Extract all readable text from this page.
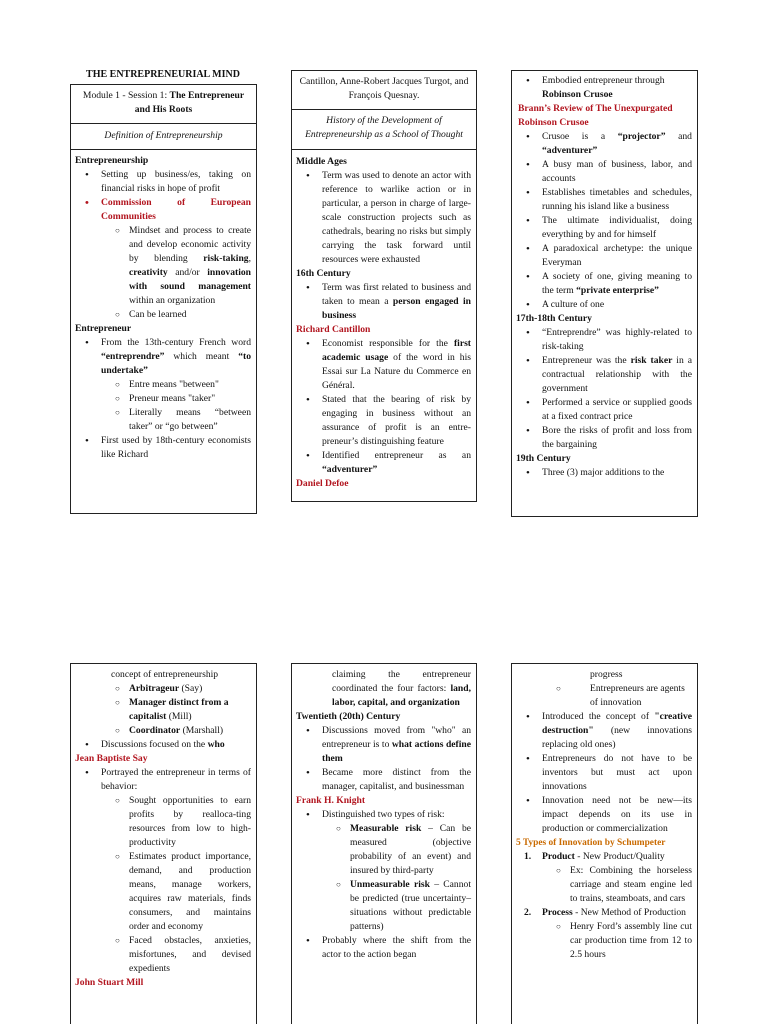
THE ENTREPRENEURIAL MIND
Module 1 - Session 1: The Entrepreneur and His Roots
Definition of Entrepreneurship
Entrepreneurship
• Setting up business/es, taking on financial risks in hope of profit
• Commission of European Communities
○ Mindset and process to create and develop economic activity by blending risk-taking, creativity and/or innovation with sound management within an organization
○ Can be learned
Entrepreneur
• From the 13th-century French word “entreprendre” which meant “to undertake”
○ Entre means "between"
○ Preneur means "taker"
○ Literally means “between taker” or “go between”
• First used by 18th-century economists like Richard
Cantillon, Anne-Robert Jacques Turgot, and François Quesnay.
History of the Development of Entrepreneurship as a School of Thought
Middle Ages
• Term was used to denote an actor with reference to warlike action or in particular, a person in charge of large-scale construction projects such as cathedrals, bearing no risks but simply carrying the task forward until resources were exhausted
16th Century
• Term was first related to business and taken to mean a person engaged in business
Richard Cantillon
• Economist responsible for the first academic usage of the word in his Essai sur La Nature du Commerce en Général.
• Stated that the bearing of risk by engaging in business without an assurance of profit is an entre-preneur’s distinguishing feature
• Identified entrepreneur as an “adventurer”
Daniel Defoe
• Embodied entrepreneur through Robinson Crusoe
Brann’s Review of The Unexpurgated Robinson Crusoe
• Crusoe is a “projector” and “adventurer”
• A busy man of business, labor, and accounts
• Establishes timetables and schedules, running his island like a business
• The ultimate individualist, doing everything by and for himself
• A paradoxical archetype: the unique Everyman
• A society of one, giving meaning to the term “private enterprise”
• A culture of one
17th-18th Century
• “Entreprendre” was highly-related to risk-taking
• Entrepreneur was the risk taker in a contractual relationship with the government
• Performed a service or supplied goods at a fixed contract price
• Bore the risks of profit and loss from the bargaining
19th Century
• Three (3) major additions to the
concept of entrepreneurship
○ Arbitrageur (Say)
○ Manager distinct from a capitalist (Mill)
○ Coordinator (Marshall)
• Discussions focused on the who
Jean Baptiste Say
• Portrayed the entrepreneur in terms of behavior:
○ Sought opportunities to earn profits by realloca-ting resources from low to high-productivity
○ Estimates product importance, demand, and production means, manage workers, acquires raw materials, finds consumers, and maintains order and economy
○ Faced obstacles, anxieties, misfortunes, and devised expedients
John Stuart Mill
claiming the entrepreneur coordinated the four factors: land, labor, capital, and organization
Twentieth (20th) Century
• Discussions moved from "who" an entrepreneur is to what actions define them
• Became more distinct from the manager, capitalist, and businessman
Frank H. Knight
• Distinguished two types of risk:
○ Measurable risk – Can be measured (objective probability of an event) and insured by third-party
○ Unmeasurable risk – Cannot be predicted (true uncertainty–situations without predictable patterns)
• Probably where the shift from the actor to the action began
progress
○ Entrepreneurs are agents of innovation
• Introduced the concept of "creative destruction" (new innovations replacing old ones)
• Entrepreneurs do not have to be inventors but must act upon innovations
• Innovation need not be new—its impact depends on its use in production or commercialization
5 Types of Innovation by Schumpeter
1. Product - New Product/Quality
○ Ex: Combining the horseless carriage and steam engine led to trains, steamboats, and cars
2. Process - New Method of Production
○ Henry Ford’s assembly line cut car production time from 12 to 2.5 hours
